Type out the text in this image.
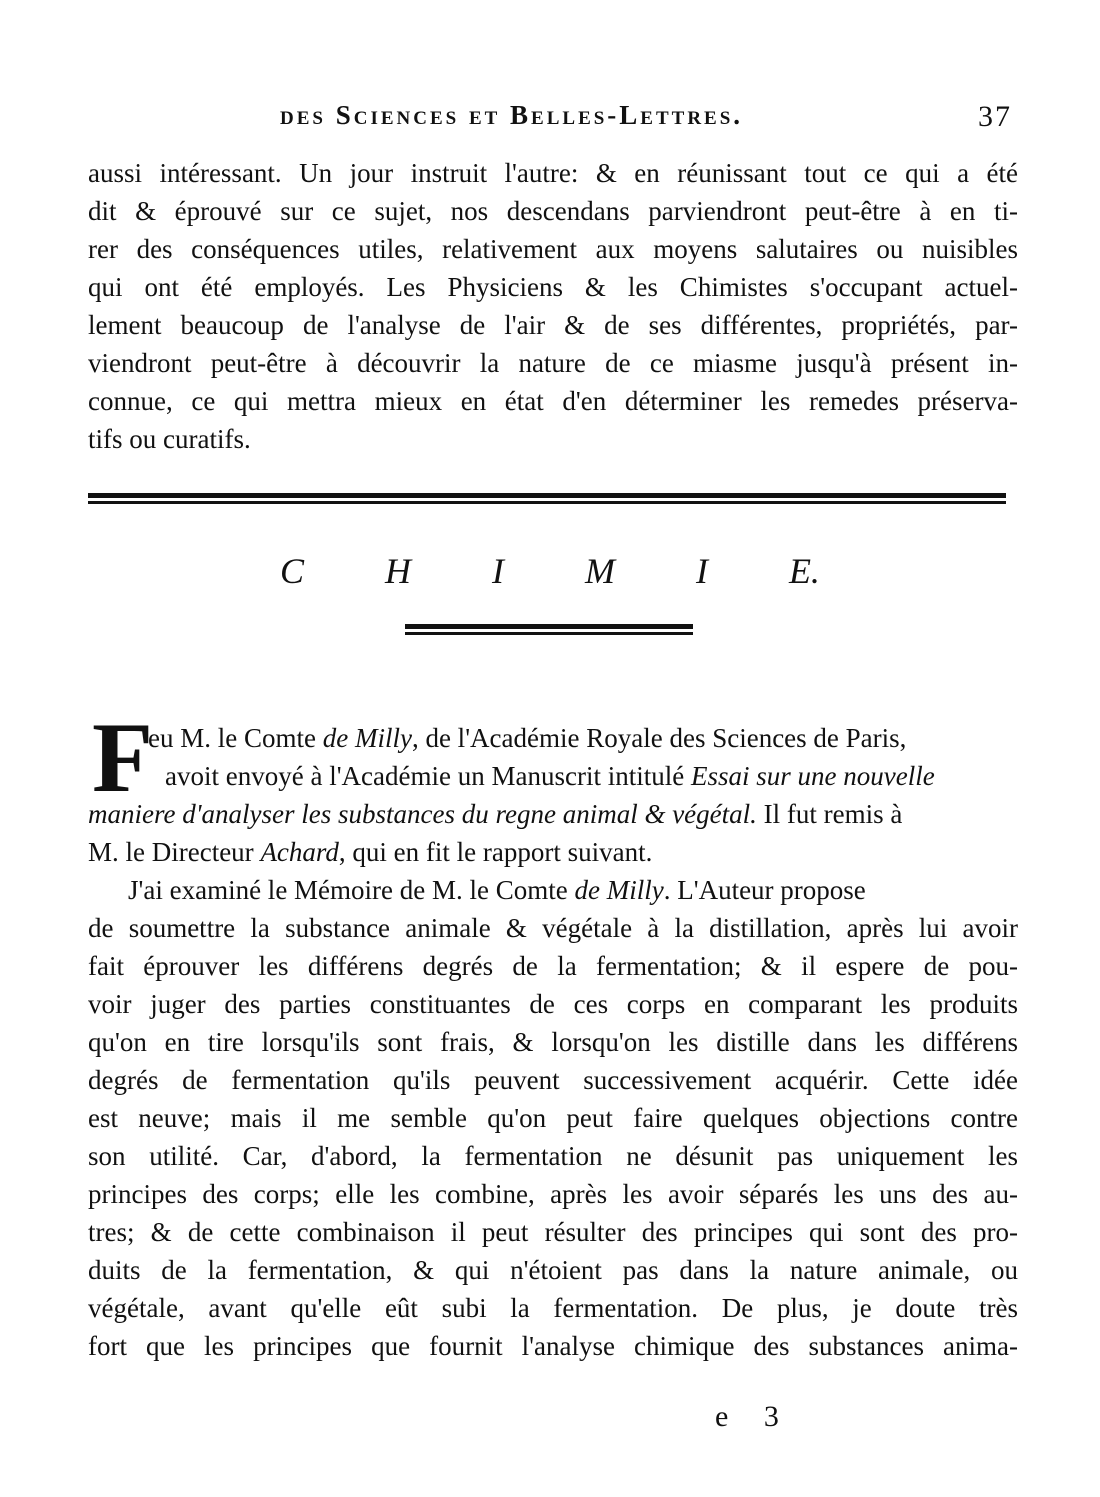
des Sciences et Belles-Lettres.	37
aussi intéressant. Un jour instruit l'autre: & en réunissant tout ce qui a été
dit & éprouvé sur ce sujet, nos descendans parviendront peut-être à en ti-
rer des conséquences utiles, relativement aux moyens salutaires ou nuisibles
qui ont été employés. Les Physiciens & les Chimistes s'occupant actuel-
lement beaucoup de l'analyse de l'air & de ses différentes, propriétés, par-
viendront peut-être à découvrir la nature de ce miasme jusqu'à présent in-
connue, ce qui mettra mieux en état d'en déterminer les remedes préserva-
tifs ou curatifs.
C H I M I E.
F
eu M. le Comte de Milly, de l'Académie Royale des Sciences de Paris,
avoit envoyé à l'Académie un Manuscrit intitulé Essai sur une nouvelle
maniere d'analyser les substances du regne animal & végétal. Il fut remis à
M. le Directeur Achard, qui en fit le rapport suivant.
J'ai examiné le Mémoire de M. le Comte de Milly. L'Auteur propose
de soumettre la substance animale & végétale à la distillation, après lui avoir
fait éprouver les différens degrés de la fermentation; & il espere de pou-
voir juger des parties constituantes de ces corps en comparant les produits
qu'on en tire lorsqu'ils sont frais, & lorsqu'on les distille dans les différens
degrés de fermentation qu'ils peuvent successivement acquérir. Cette idée
est neuve; mais il me semble qu'on peut faire quelques objections contre
son utilité. Car, d'abord, la fermentation ne désunit pas uniquement les
principes des corps; elle les combine, après les avoir séparés les uns des au-
tres; & de cette combinaison il peut résulter des principes qui sont des pro-
duits de la fermentation, & qui n'étoient pas dans la nature animale, ou
végétale, avant qu'elle eût subi la fermentation. De plus, je doute très
fort que les principes que fournit l'analyse chimique des substances anima-
e 3
